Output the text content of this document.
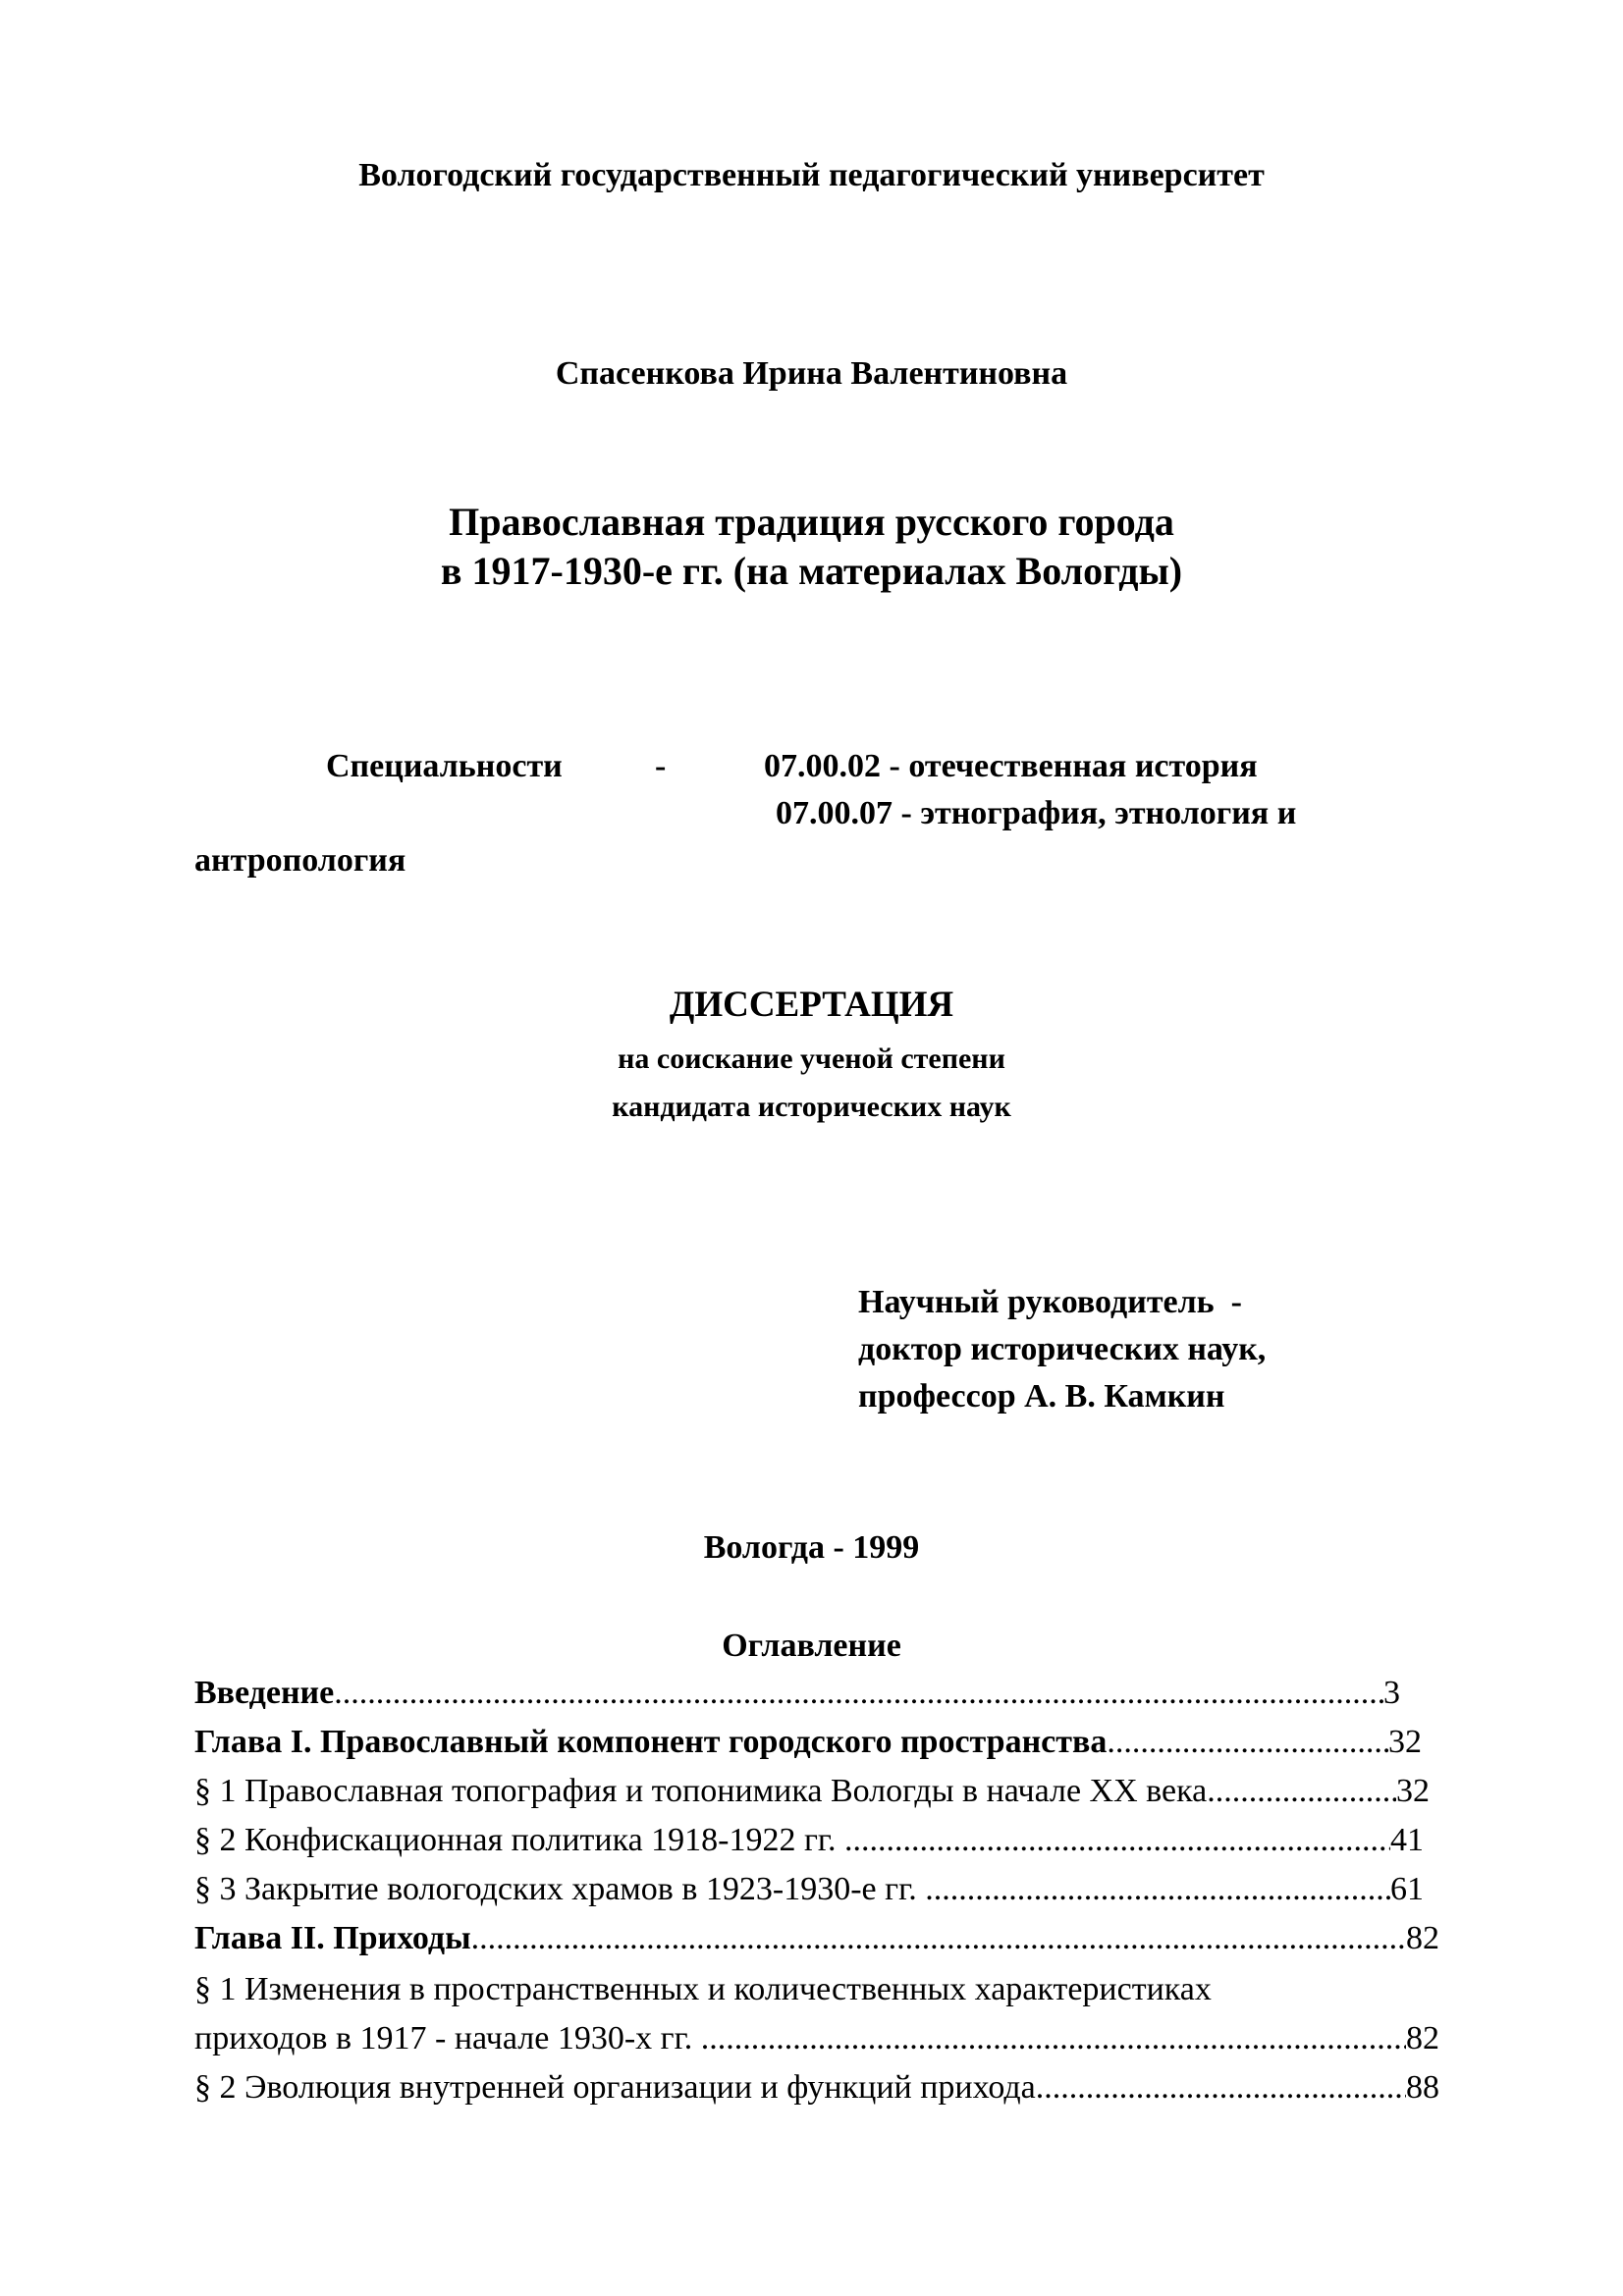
Вологодский государственный педагогический университет
Спасенкова Ирина Валентиновна
Православная традиция русского города
в 1917-1930-е гг. (на материалах Вологды)
Специальности	-	07.00.02 - отечественная история
07.00.07 - этнография, этнология и
антропология
ДИССЕРТАЦИЯ
на соискание ученой степени
кандидата исторических наук
Научный руководитель  -
доктор исторических наук,
профессор А. В. Камкин
Вологда - 1999
Оглавление
Введение .....	3
Глава I. Православный компонент городского пространства .....	32
§ 1 Православная топография и топонимика Вологды в начале XX века .....	32
§ 2 Конфискационная политика 1918-1922 гг. .....	41
§ 3 Закрытие вологодских храмов в 1923-1930-е гг. .....	61
Глава II. Приходы .....	82
§ 1 Изменения в пространственных и количественных характеристиках
приходов в 1917 - начале 1930-х гг. .....	82
§ 2 Эволюция внутренней организации и функций прихода .....	88
